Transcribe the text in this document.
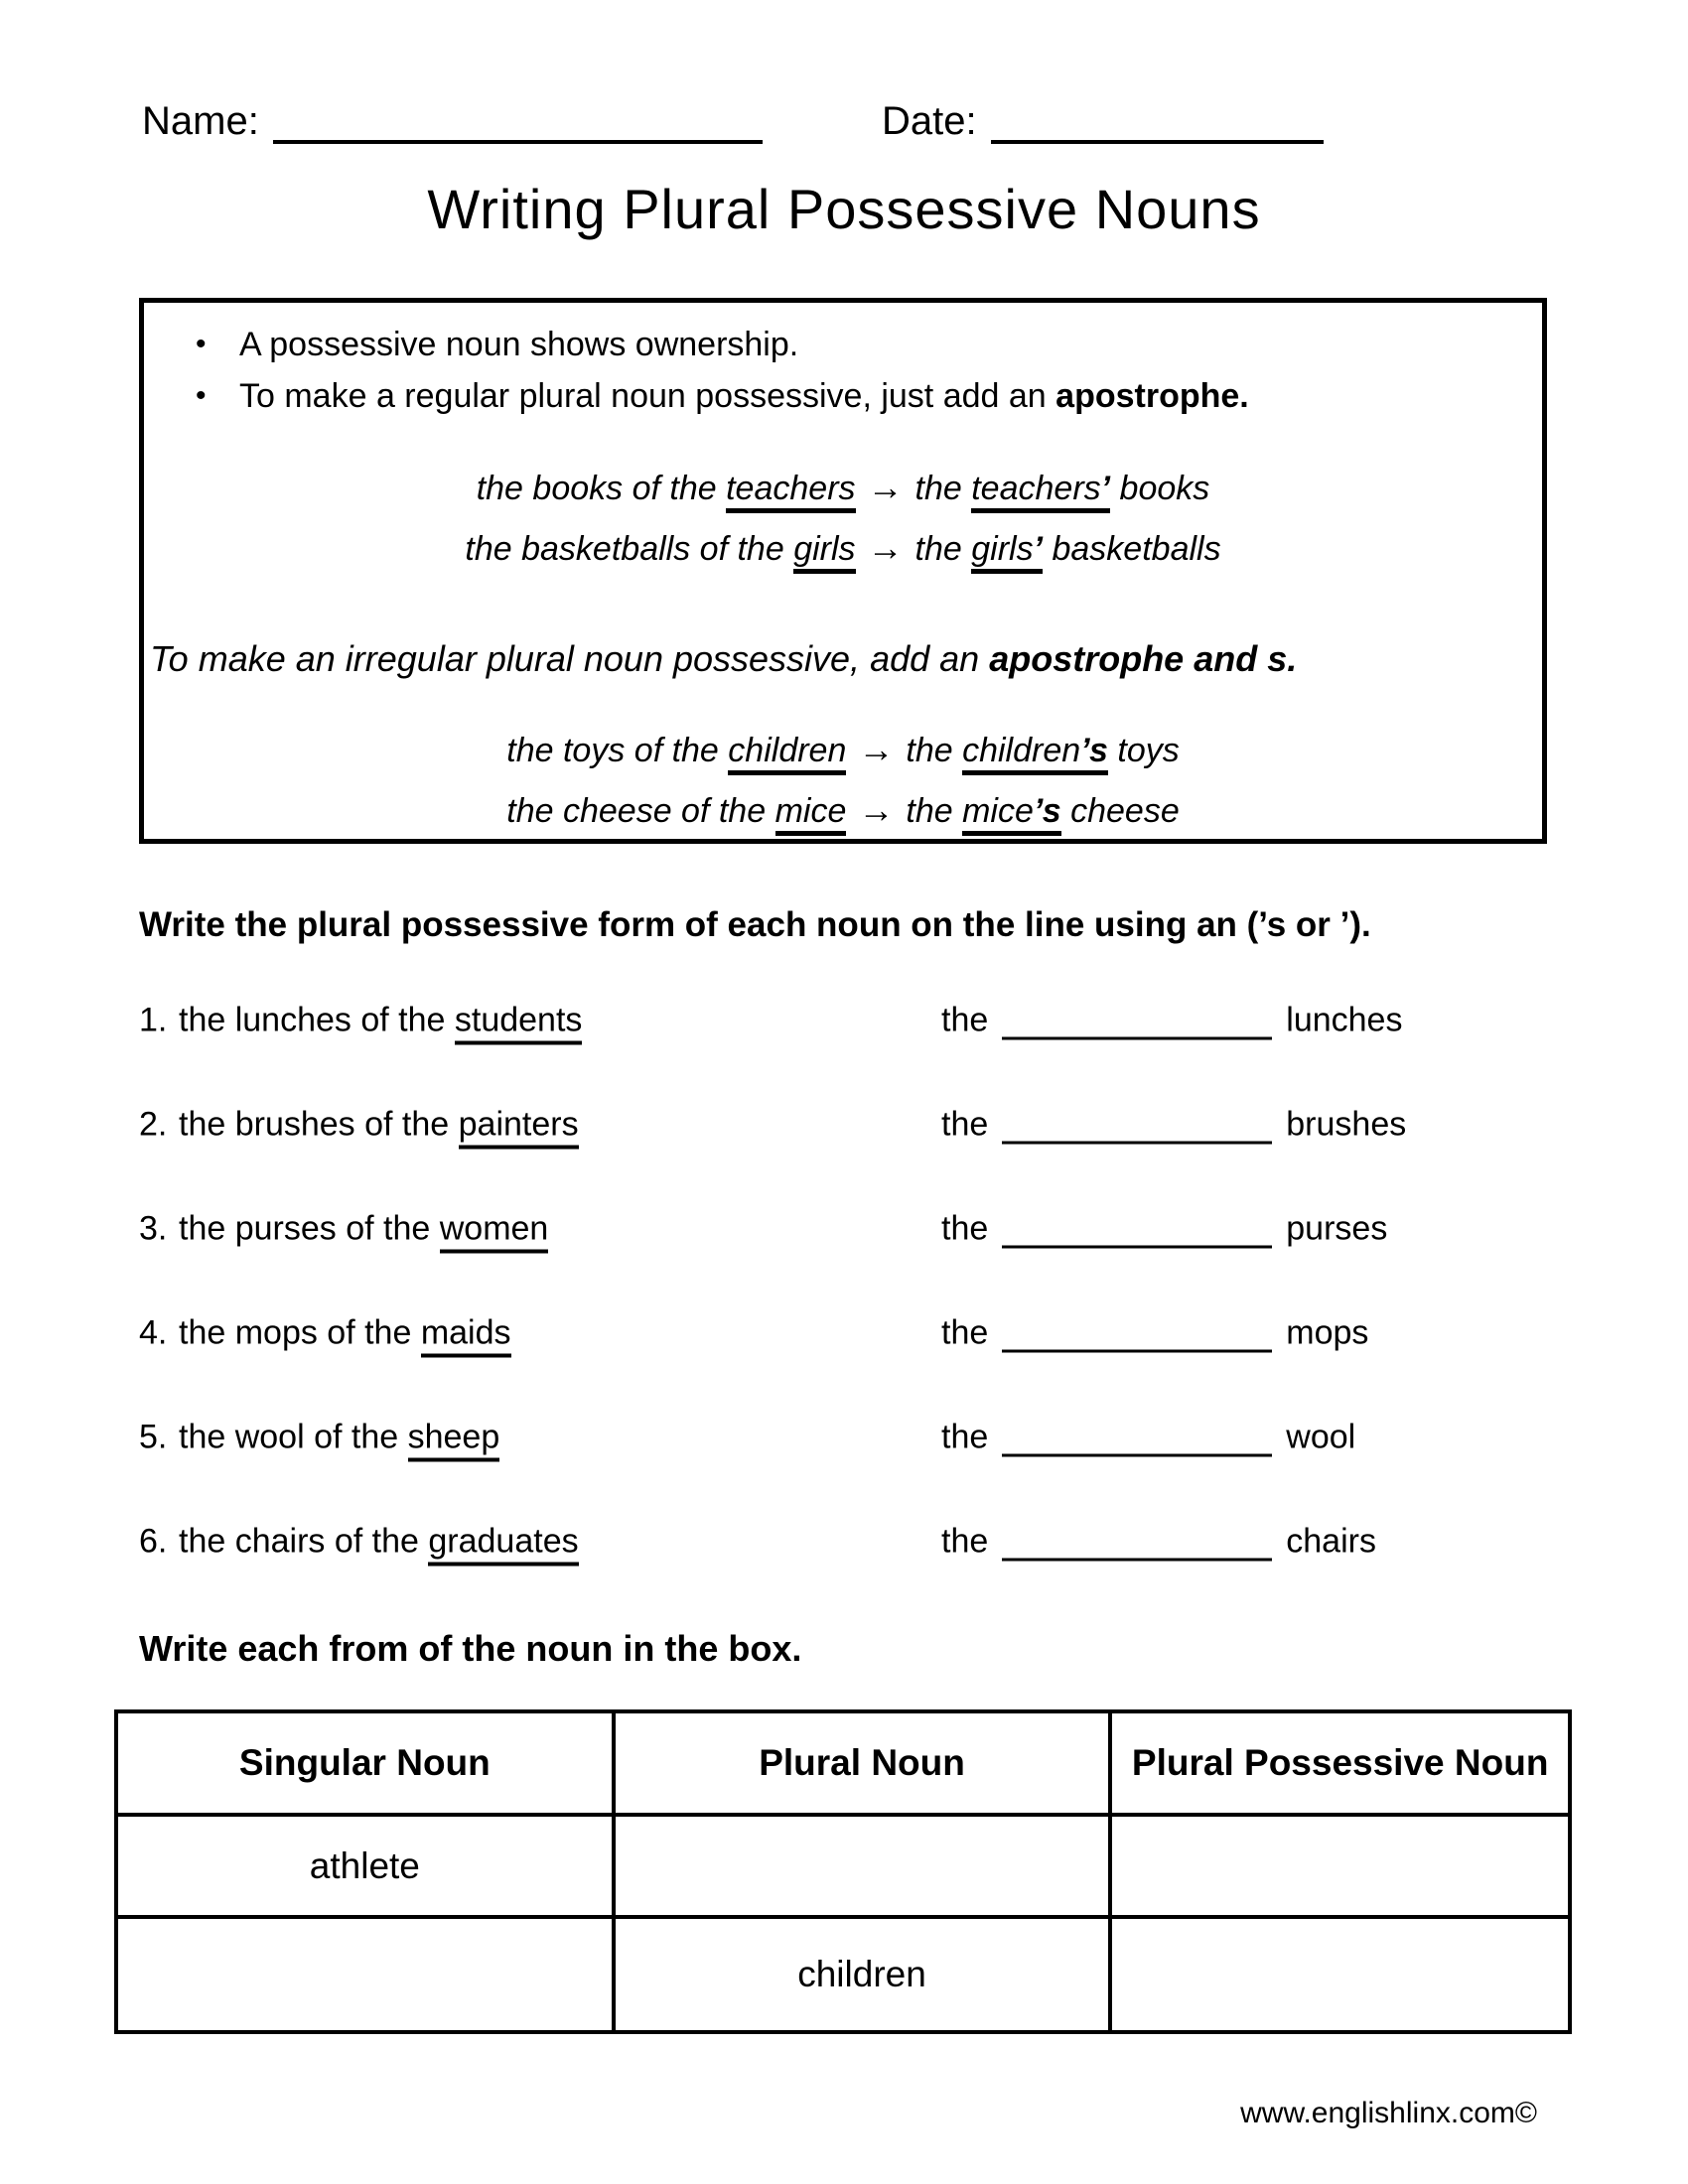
Name:	Date:
Writing Plural Possessive Nouns
• A possessive noun shows ownership.
• To make a regular plural noun possessive, just add an apostrophe.
the books of the teachers → the teachers’ books
the basketballs of the girls → the girls’ basketballs
To make an irregular plural noun possessive, add an apostrophe and s.
the toys of the children → the children’s toys
the cheese of the mice → the mice’s cheese
Write the plural possessive form of each noun on the line using an (’s or ’).
1. the lunches of the students	the	lunches
2. the brushes of the painters	the	brushes
3. the purses of the women	the	purses
4. the mops of the maids	the	mops
5. the wool of the sheep	the	wool
6. the chairs of the graduates	the	chairs
Write each from of the noun in the box.
Singular Noun	Plural Noun	Plural Possessive Noun
athlete		
	children	
www.englishlinx.com©
